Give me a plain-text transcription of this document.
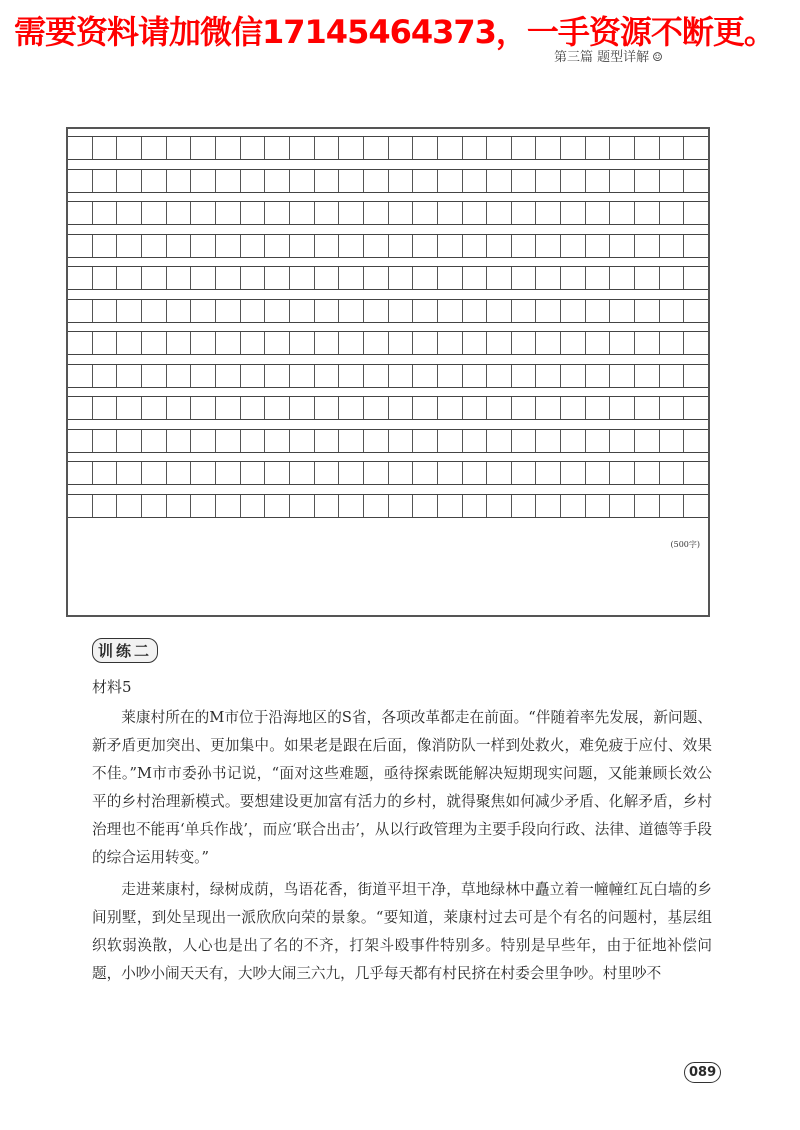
需要资料请加微信17145464373，一手资源不断更。
第三篇 题型详解 ☺
(500字)
训练二
材料5

莱康村所在的M市位于沿海地区的S省，各项改革都走在前面。“伴随着率先发展，新问题、新矛盾更加突出、更加集中。如果老是跟在后面，像消防队一样到处救火，难免疲于应付、效果不佳。”M市市委孙书记说，“面对这些难题，亟待探索既能解决短期现实问题，又能兼顾长效公平的乡村治理新模式。要想建设更加富有活力的乡村，就得聚焦如何减少矛盾、化解矛盾，乡村治理也不能再‘单兵作战’，而应‘联合出击’，从以行政管理为主要手段向行政、法律、道德等手段的综合运用转变。”

走进莱康村，绿树成荫，鸟语花香，街道平坦干净，草地绿林中矗立着一幢幢红瓦白墙的乡间别墅，到处呈现出一派欣欣向荣的景象。“要知道，莱康村过去可是个有名的问题村，基层组织软弱涣散，人心也是出了名的不齐，打架斗殴事件特别多。特别是早些年，由于征地补偿问题，小吵小闹天天有，大吵大闹三六九，几乎每天都有村民挤在村委会里争吵。村里吵不

089
